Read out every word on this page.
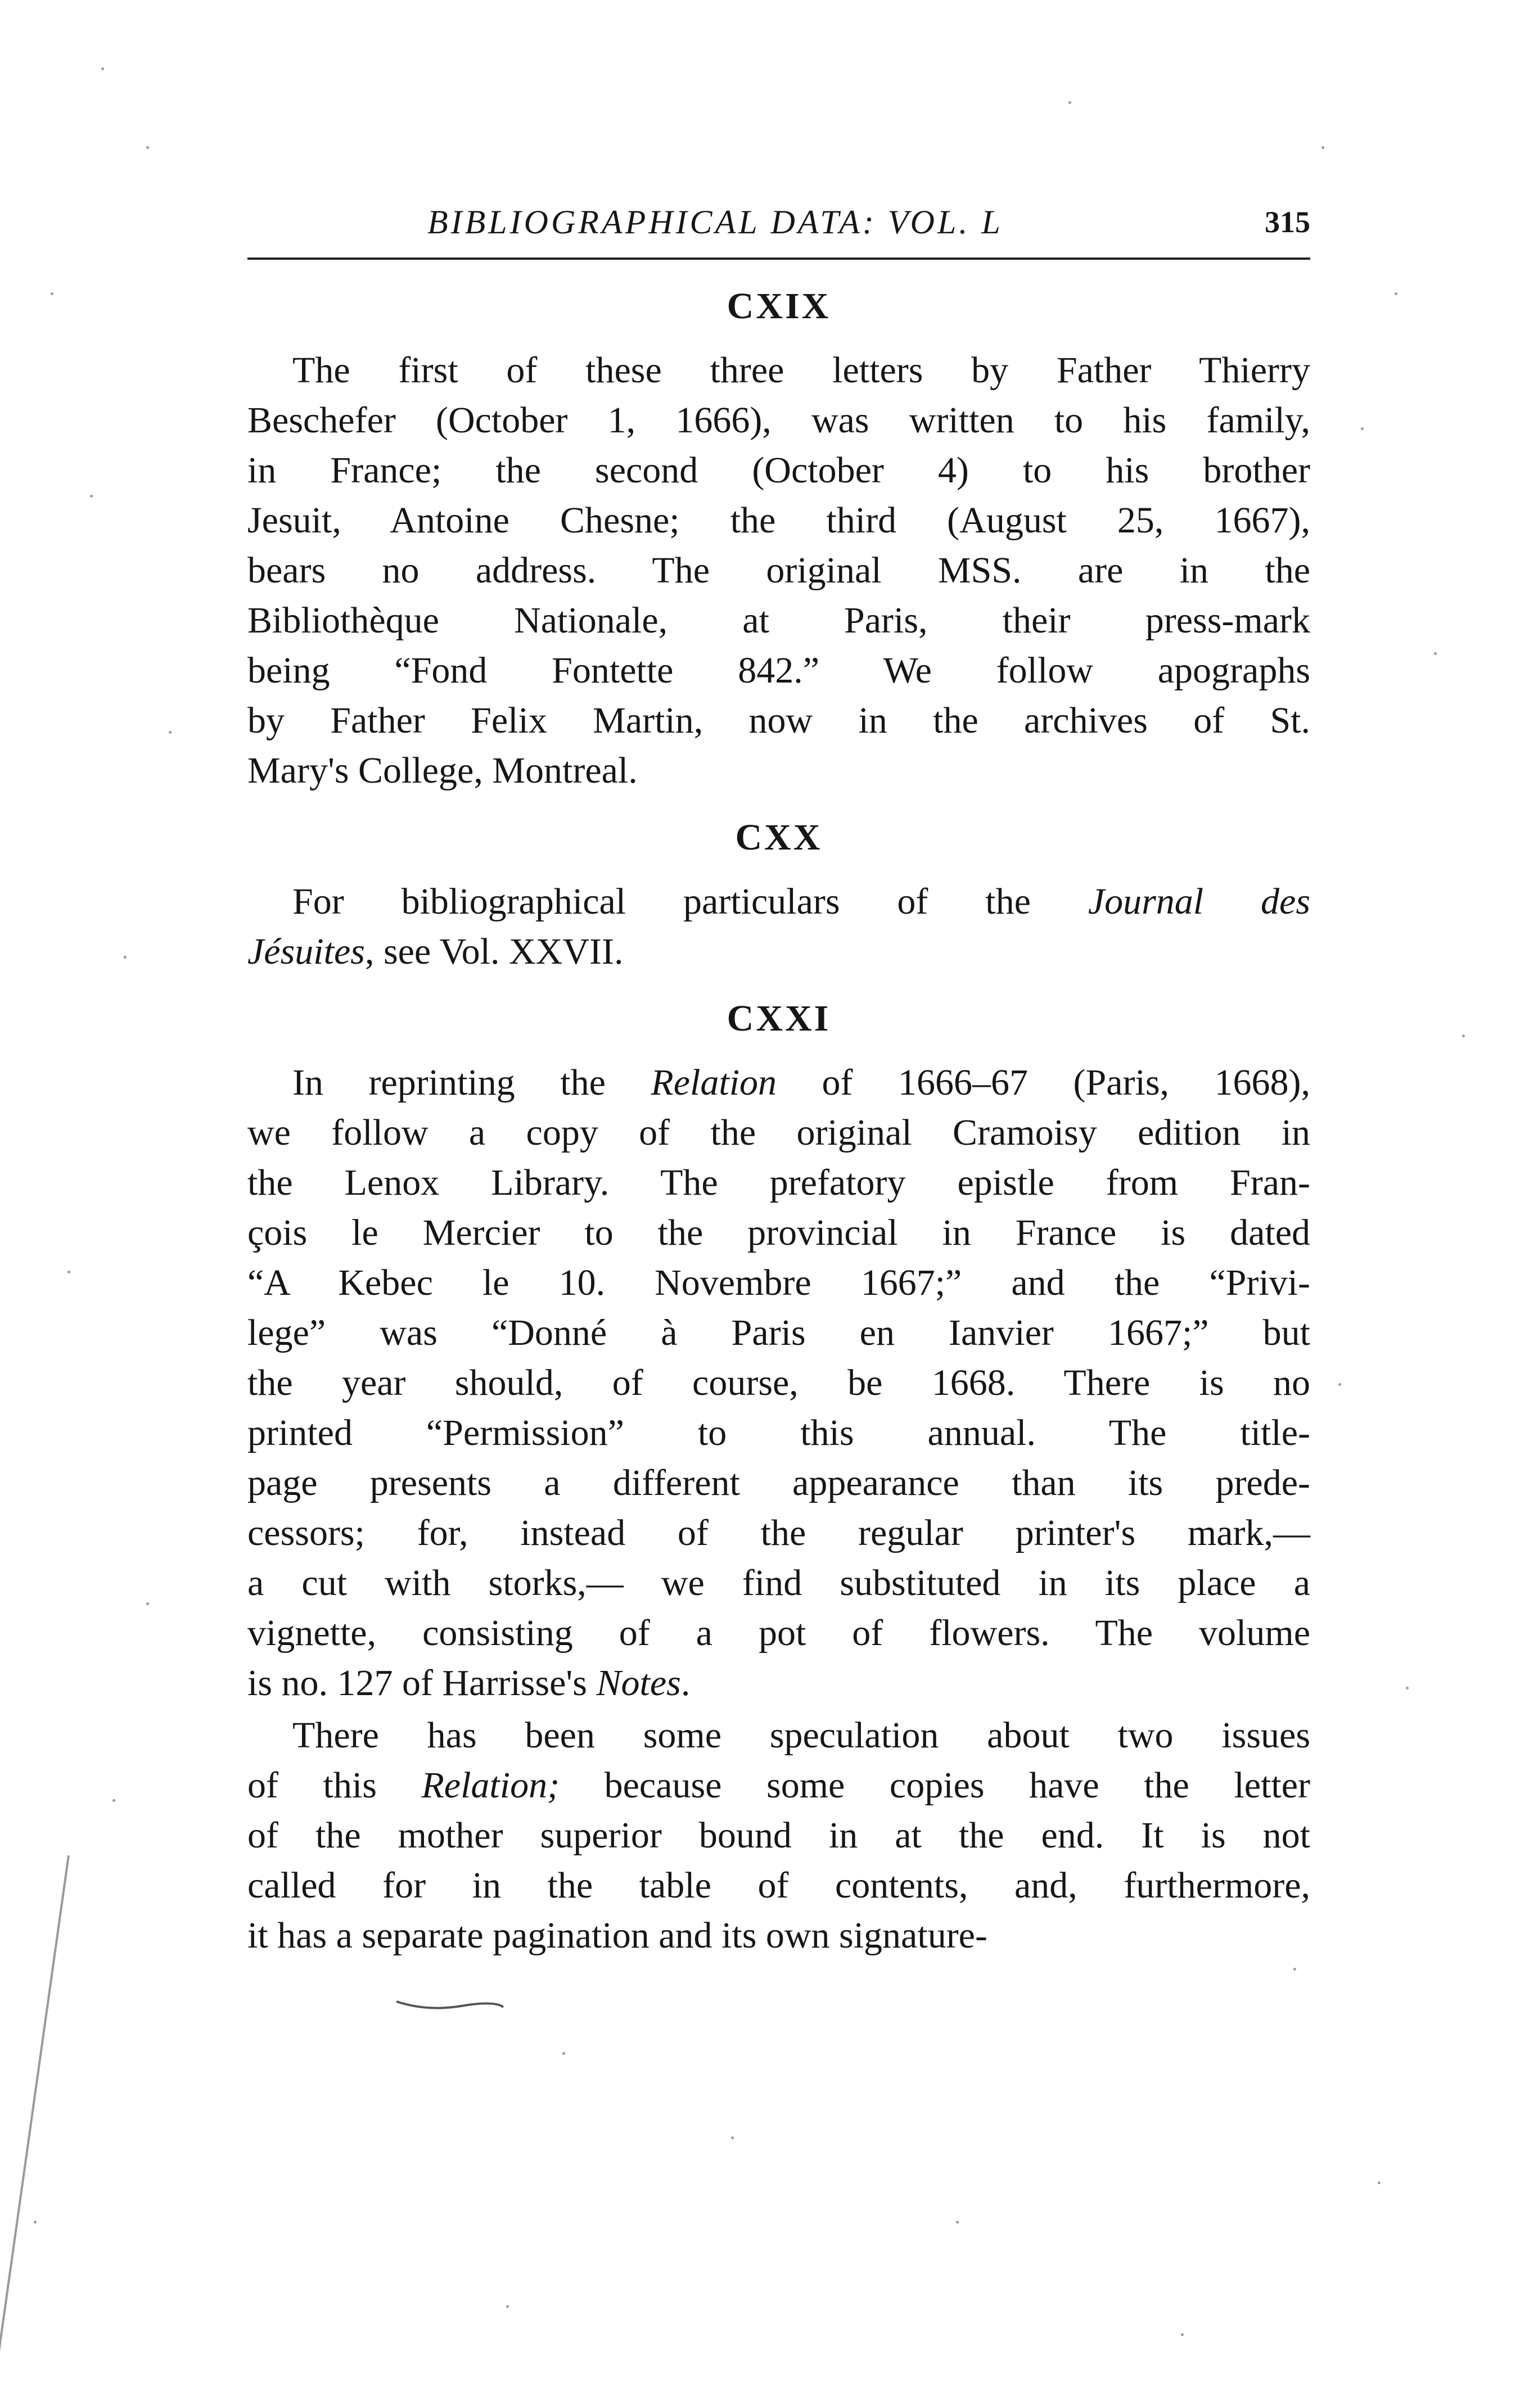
BIBLIOGRAPHICAL DATA: VOL. L	315
CXIX
The first of these three letters by Father Thierry
Beschefer (October 1, 1666), was written to his family,
in France; the second (October 4) to his brother
Jesuit, Antoine Chesne; the third (August 25, 1667),
bears no address. The original MSS. are in the
Bibliothèque Nationale, at Paris, their press-mark
being “Fond Fontette 842.” We follow apographs
by Father Felix Martin, now in the archives of St.
Mary's College, Montreal.
CXX
For bibliographical particulars of the Journal des
Jésuites, see Vol. XXVII.
CXXI
In reprinting the Relation of 1666–67 (Paris, 1668),
we follow a copy of the original Cramoisy edition in
the Lenox Library. The prefatory epistle from Fran-
çois le Mercier to the provincial in France is dated
“A Kebec le 10. Novembre 1667;” and the “Privi-
lege” was “Donné à Paris en Ianvier 1667;” but
the year should, of course, be 1668. There is no
printed “Permission” to this annual. The title-
page presents a different appearance than its prede-
cessors; for, instead of the regular printer's mark,—
a cut with storks,— we find substituted in its place a
vignette, consisting of a pot of flowers. The volume
is no. 127 of Harrisse's Notes.
There has been some speculation about two issues
of this Relation; because some copies have the letter
of the mother superior bound in at the end. It is not
called for in the table of contents, and, furthermore,
it has a separate pagination and its own signature-
